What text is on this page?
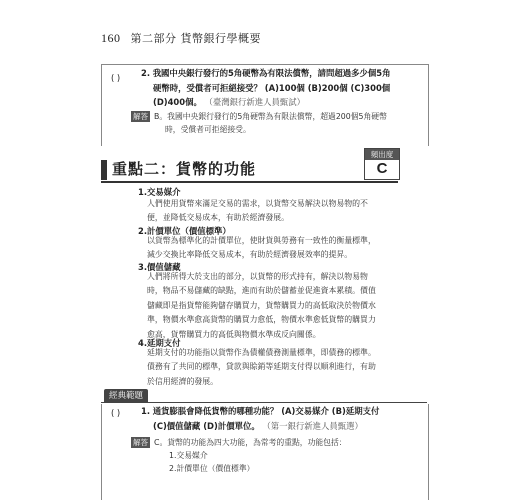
160 第二部分 貨幣銀行學概要
( ) 2. 我國中央銀行發行的5角硬幣為有限法償幣，請問超過多少個5角
硬幣時，受償者可拒絕接受？ (A)100個 (B)200個 (C)300個
(D)400個。 （臺灣銀行新進人員甄試）
解答 B。我國中央銀行發行的5角硬幣為有限法償幣，超過200個5角硬幣
時，受償者可拒絕接受。
頻出度
C
重點二：貨幣的功能
1.交易媒介
人們使用貨幣來滿足交易的需求，以貨幣交易解決以物易物的不
便，並降低交易成本，有助於經濟發展。
2.計價單位（價值標準）
以貨幣為標準化的計價單位，使財貨與勞務有一致性的衡量標準，
減少交換比率降低交易成本，有助於經濟發展效率的提昇。
3.價值儲藏
人們將所得大於支出的部分，以貨幣的形式持有，解決以物易物
時，物品不易儲藏的缺點，進而有助於儲蓄並促進資本累積。價值
儲藏即是指貨幣能夠儲存購買力，貨幣購買力的高低取決於物價水
準，物價水準愈高貨幣的購買力愈低，物價水準愈低貨幣的購買力
愈高，貨幣購買力的高低與物價水準成反向關係。
4.延期支付
延期支付的功能指以貨幣作為債權債務測量標準，即債務的標準。
債務有了共同的標準，貸款與賒銷等延期支付得以順利進行，有助
於信用經濟的發展。
經典範題
( ) 1. 通貨膨脹會降低貨幣的哪種功能？ (A)交易媒介 (B)延期支付
(C)價值儲藏 (D)計價單位。 （第一銀行新進人員甄選）
解答 C。貨幣的功能為四大功能，為常考的重點，功能包括：
1.交易媒介
2.計價單位（價值標準）
